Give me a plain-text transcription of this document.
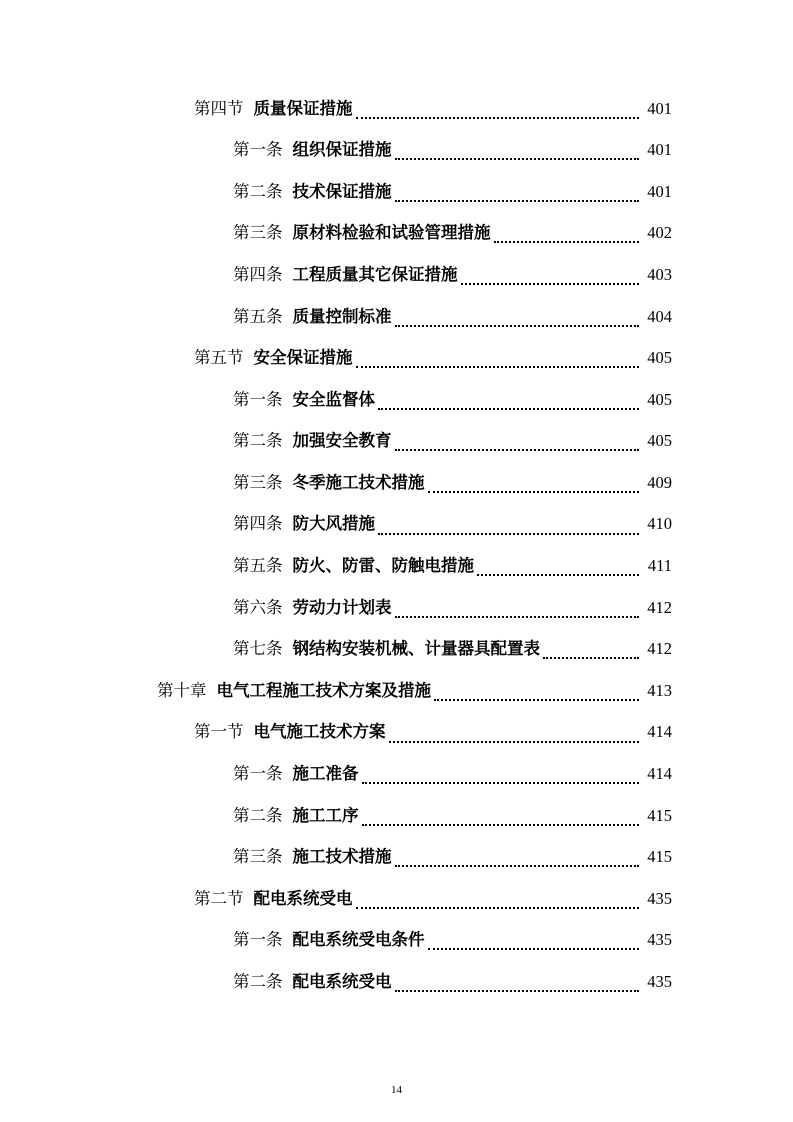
第四节 质量保证措施	401
第一条 组织保证措施	401
第二条 技术保证措施	401
第三条 原材料检验和试验管理措施	402
第四条 工程质量其它保证措施	403
第五条 质量控制标准	404
第五节 安全保证措施	405
第一条 安全监督体	405
第二条 加强安全教育	405
第三条 冬季施工技术措施	409
第四条 防大风措施	410
第五条 防火、防雷、防触电措施	411
第六条 劳动力计划表	412
第七条 钢结构安装机械、计量器具配置表	412
第十章 电气工程施工技术方案及措施	413
第一节 电气施工技术方案	414
第一条 施工准备	414
第二条 施工工序	415
第三条 施工技术措施	415
第二节 配电系统受电	435
第一条 配电系统受电条件	435
第二条 配电系统受电	435
14
